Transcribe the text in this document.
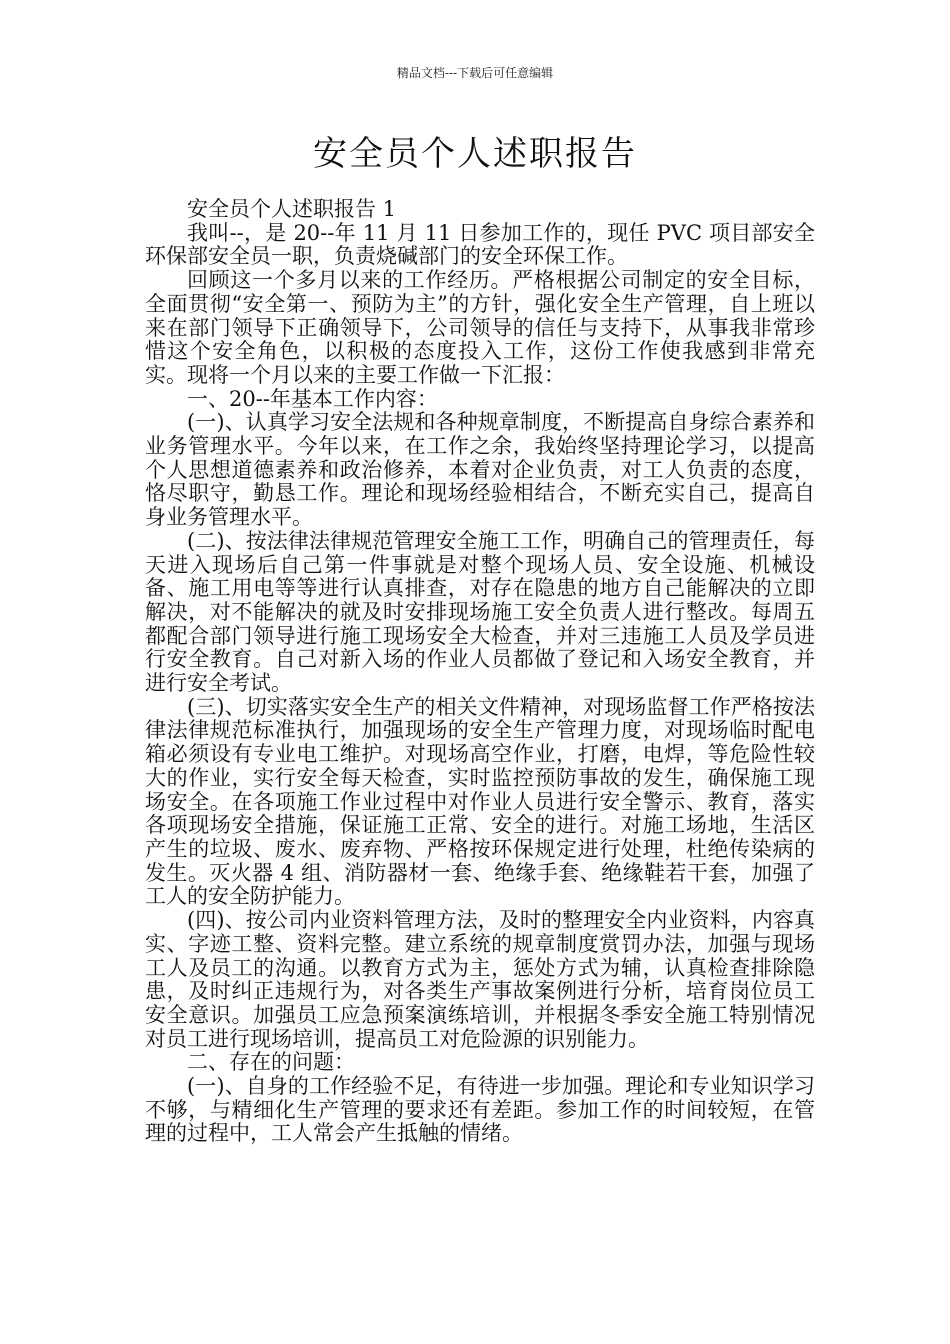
精品文档---下载后可任意编辑
安全员个人述职报告

安全员个人述职报告 1

我叫--，是 20--年 11 月 11 日参加工作的，现任 PVC 项目部安全环保部安全员一职，负责烧碱部门的安全环保工作。

回顾这一个多月以来的工作经历。严格根据公司制定的安全目标，全面贯彻“安全第一、预防为主”的方针，强化安全生产管理，自上班以来在部门领导下正确领导下，公司领导的信任与支持下，从事我非常珍惜这个安全角色，以积极的态度投入工作，这份工作使我感到非常充实。现将一个月以来的主要工作做一下汇报：

一、20--年基本工作内容：

(一)、认真学习安全法规和各种规章制度，不断提高自身综合素养和业务管理水平。今年以来，在工作之余，我始终坚持理论学习，以提高个人思想道德素养和政治修养，本着对企业负责，对工人负责的态度，恪尽职守，勤恳工作。理论和现场经验相结合，不断充实自己，提高自身业务管理水平。

(二)、按法律法律规范管理安全施工工作，明确自己的管理责任，每天进入现场后自己第一件事就是对整个现场人员、安全设施、机械设备、施工用电等等进行认真排查，对存在隐患的地方自己能解决的立即解决，对不能解决的就及时安排现场施工安全负责人进行整改。每周五都配合部门领导进行施工现场安全大检查，并对三违施工人员及学员进行安全教育。自己对新入场的作业人员都做了登记和入场安全教育，并进行安全考试。

(三)、切实落实安全生产的相关文件精神，对现场监督工作严格按法律法律规范标准执行，加强现场的安全生产管理力度，对现场临时配电箱必须设有专业电工维护。对现场高空作业，打磨，电焊，等危险性较大的作业，实行安全每天检查，实时监控预防事故的发生，确保施工现场安全。在各项施工作业过程中对作业人员进行安全警示、教育，落实各项现场安全措施，保证施工正常、安全的进行。对施工场地，生活区产生的垃圾、废水、废弃物、严格按环保规定进行处理，杜绝传染病的发生。灭火器 4 组、消防器材一套、绝缘手套、绝缘鞋若干套，加强了工人的安全防护能力。

(四)、按公司内业资料管理方法，及时的整理安全内业资料，内容真实、字迹工整、资料完整。建立系统的规章制度赏罚办法，加强与现场工人及员工的沟通。以教育方式为主，惩处方式为辅，认真检查排除隐患，及时纠正违规行为，对各类生产事故案例进行分析，培育岗位员工安全意识。加强员工应急预案演练培训，并根据冬季安全施工特别情况对员工进行现场培训，提高员工对危险源的识别能力。

二、存在的问题：

(一)、自身的工作经验不足，有待进一步加强。理论和专业知识学习不够，与精细化生产管理的要求还有差距。参加工作的时间较短，在管理的过程中，工人常会产生抵触的情绪。
